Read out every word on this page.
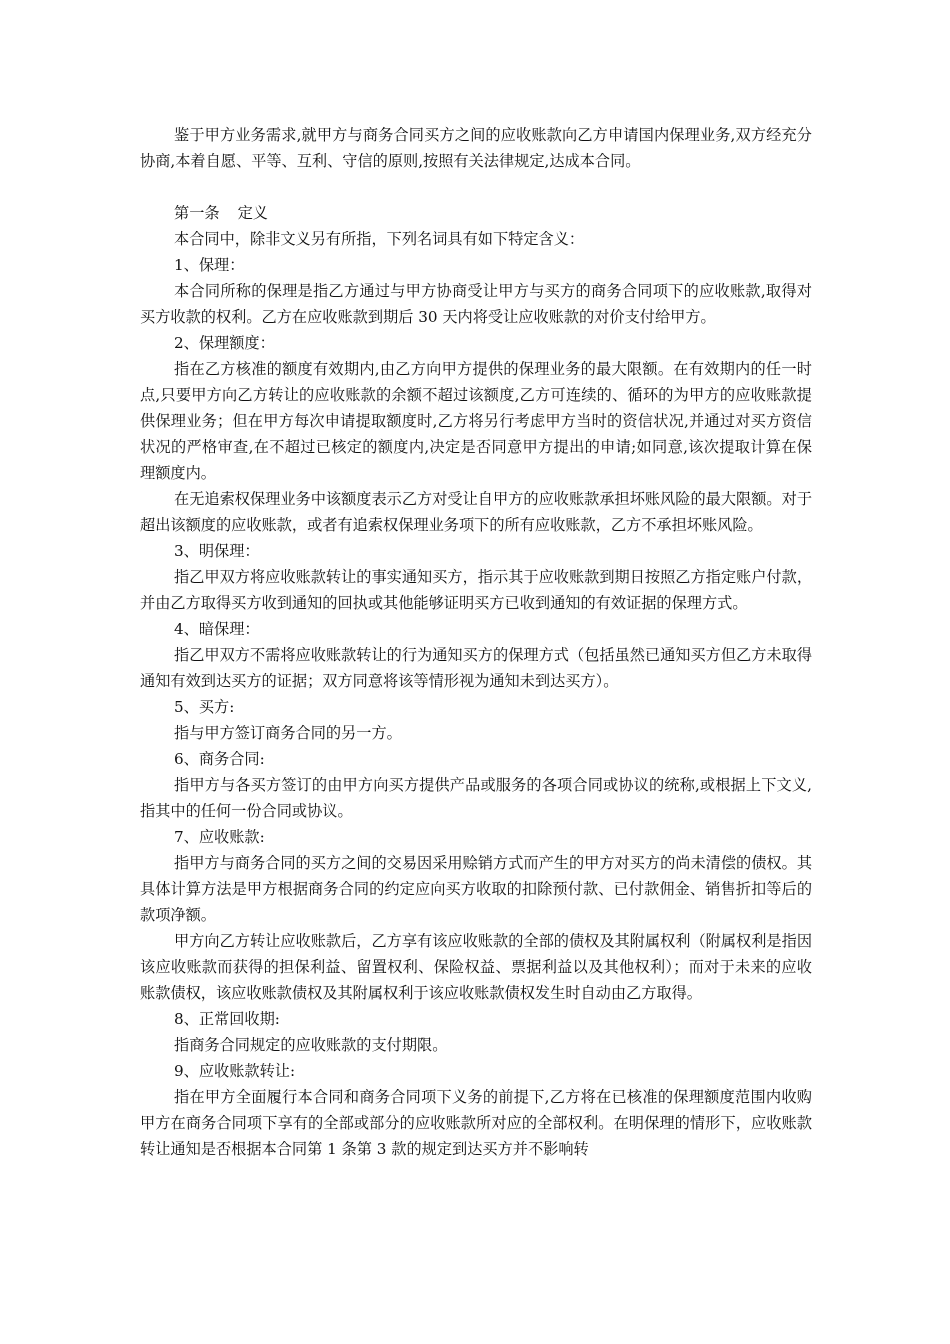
鉴于甲方业务需求,就甲方与商务合同买方之间的应收账款向乙方申请国内保理业务,双方经充分协商,本着自愿、平等、互利、守信的原则,按照有关法律规定,达成本合同。

第一条 定义

本合同中，除非文义另有所指，下列名词具有如下特定含义：

1、保理：

本合同所称的保理是指乙方通过与甲方协商受让甲方与买方的商务合同项下的应收账款,取得对买方收款的权利。乙方在应收账款到期后 30 天内将受让应收账款的对价支付给甲方。

2、保理额度：

指在乙方核准的额度有效期内,由乙方向甲方提供的保理业务的最大限额。在有效期内的任一时点,只要甲方向乙方转让的应收账款的余额不超过该额度,乙方可连续的、循环的为甲方的应收账款提供保理业务；但在甲方每次申请提取额度时,乙方将另行考虑甲方当时的资信状况,并通过对买方资信状况的严格审查,在不超过已核定的额度内,决定是否同意甲方提出的申请;如同意,该次提取计算在保理额度内。

在无追索权保理业务中该额度表示乙方对受让自甲方的应收账款承担坏账风险的最大限额。对于超出该额度的应收账款，或者有追索权保理业务项下的所有应收账款，乙方不承担坏账风险。

3、明保理：

指乙甲双方将应收账款转让的事实通知买方，指示其于应收账款到期日按照乙方指定账户付款，并由乙方取得买方收到通知的回执或其他能够证明买方已收到通知的有效证据的保理方式。

4、暗保理：

指乙甲双方不需将应收账款转让的行为通知买方的保理方式（包括虽然已通知买方但乙方未取得通知有效到达买方的证据；双方同意将该等情形视为通知未到达买方）。

5、买方:

指与甲方签订商务合同的另一方。

6、商务合同:

指甲方与各买方签订的由甲方向买方提供产品或服务的各项合同或协议的统称,或根据上下文义,指其中的任何一份合同或协议。

7、应收账款:

指甲方与商务合同的买方之间的交易因采用赊销方式而产生的甲方对买方的尚未清偿的债权。其具体计算方法是甲方根据商务合同的约定应向买方收取的扣除预付款、已付款佣金、销售折扣等后的款项净额。

甲方向乙方转让应收账款后，乙方享有该应收账款的全部的债权及其附属权利（附属权利是指因该应收账款而获得的担保利益、留置权利、保险权益、票据利益以及其他权利）；而对于未来的应收账款债权，该应收账款债权及其附属权利于该应收账款债权发生时自动由乙方取得。

8、正常回收期:

指商务合同规定的应收账款的支付期限。

9、应收账款转让:

指在甲方全面履行本合同和商务合同项下义务的前提下,乙方将在已核准的保理额度范围内收购甲方在商务合同项下享有的全部或部分的应收账款所对应的全部权利。在明保理的情形下，应收账款转让通知是否根据本合同第 1 条第 3 款的规定到达买方并不影响转
